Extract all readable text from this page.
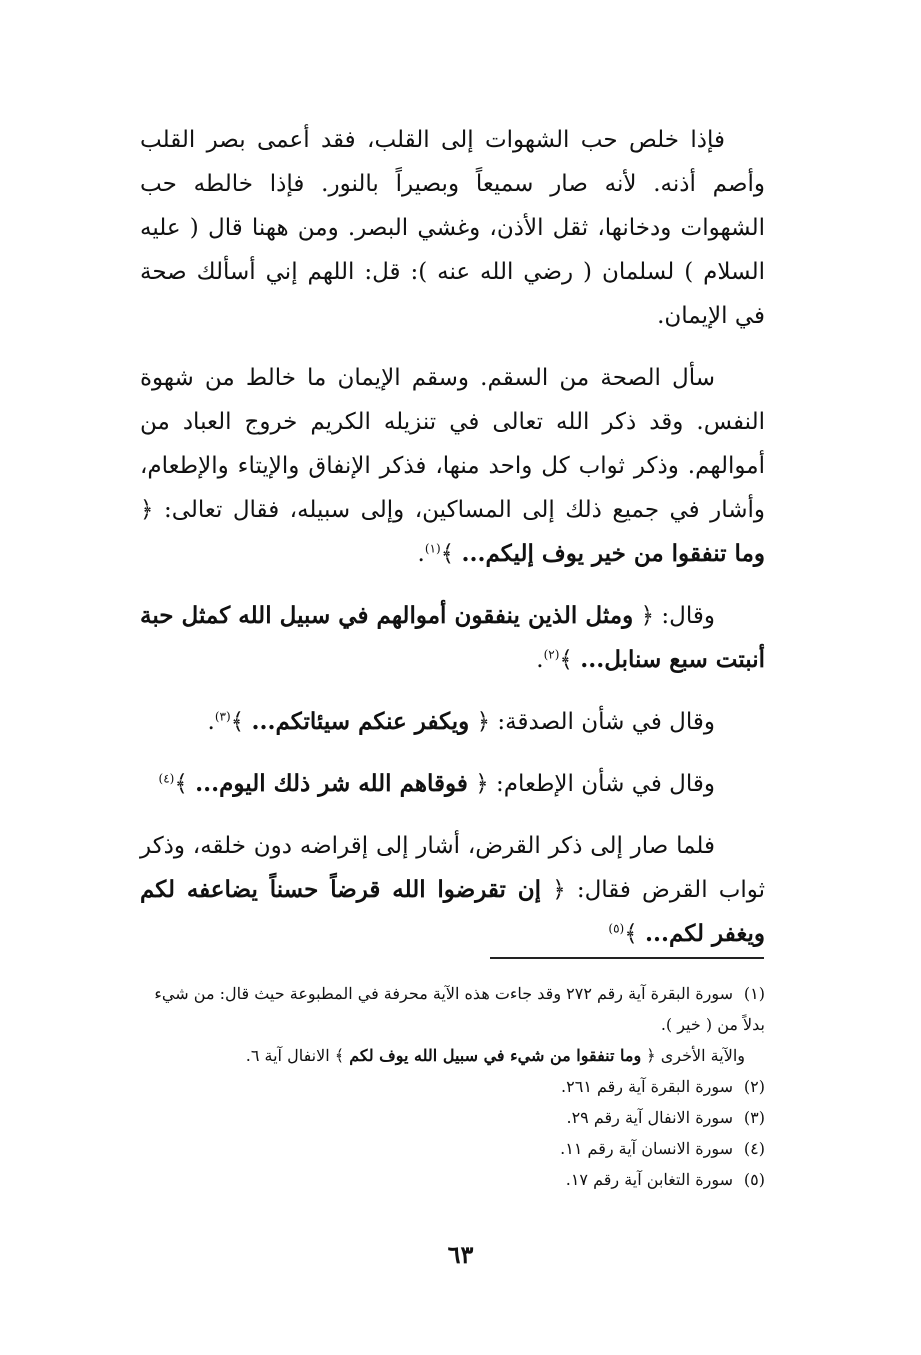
فإذا خلص حب الشهوات إلى القلب، فقد أعمى بصر القلب وأصم أذنه. لأنه صار سميعاً وبصيراً بالنور. فإذا خالطه حب الشهوات ودخانها، ثقل الأذن، وغشي البصر. ومن ههنا قال ( عليه السلام ) لسلمان ( رضي الله عنه ): قل: اللهم إني أسألك صحة في الإيمان.

سأل الصحة من السقم. وسقم الإيمان ما خالط من شهوة النفس. وقد ذكر الله تعالى في تنزيله الكريم خروج العباد من أموالهم. وذكر ثواب كل واحد منها، فذكر الإنفاق والإيتاء والإطعام، وأشار في جميع ذلك إلى المساكين، وإلى سبيله، فقال تعالى: ﴿ وما تنفقوا من خير يوف إليكم... ﴾$^{(١)}$.

وقال: ﴿ ومثل الذين ينفقون أموالهم في سبيل الله كمثل حبة أنبتت سبع سنابل... ﴾$^{(٢)}$.

وقال في شأن الصدقة: ﴿ ويكفر عنكم سيئاتكم... ﴾$^{(٣)}$.

وقال في شأن الإطعام: ﴿ فوقاهم الله شر ذلك اليوم... ﴾$^{(٤)}$

فلما صار إلى ذكر القرض، أشار إلى إقراضه دون خلقه، وذكر ثواب القرض فقال: ﴿ إن تقرضوا الله قرضاً حسناً يضاعفه لكم ويغفر لكم... ﴾$^{(٥)}$

(١)سورة البقرة آية رقم ٢٧٢ وقد جاءت هذه الآية محرفة في المطبوعة حيث قال: من شيء بدلاً من ( خير ).

والآية الأخرى ﴿ وما تنفقوا من شيء في سبيل الله يوف لكم ﴾ الانفال آية ٦.

(٢)سورة البقرة آية رقم ٢٦١.

(٣)سورة الانفال آية رقم ٢٩.

(٤)سورة الانسان آية رقم ١١.

(٥)سورة التغابن آية رقم ١٧.

٦٣
